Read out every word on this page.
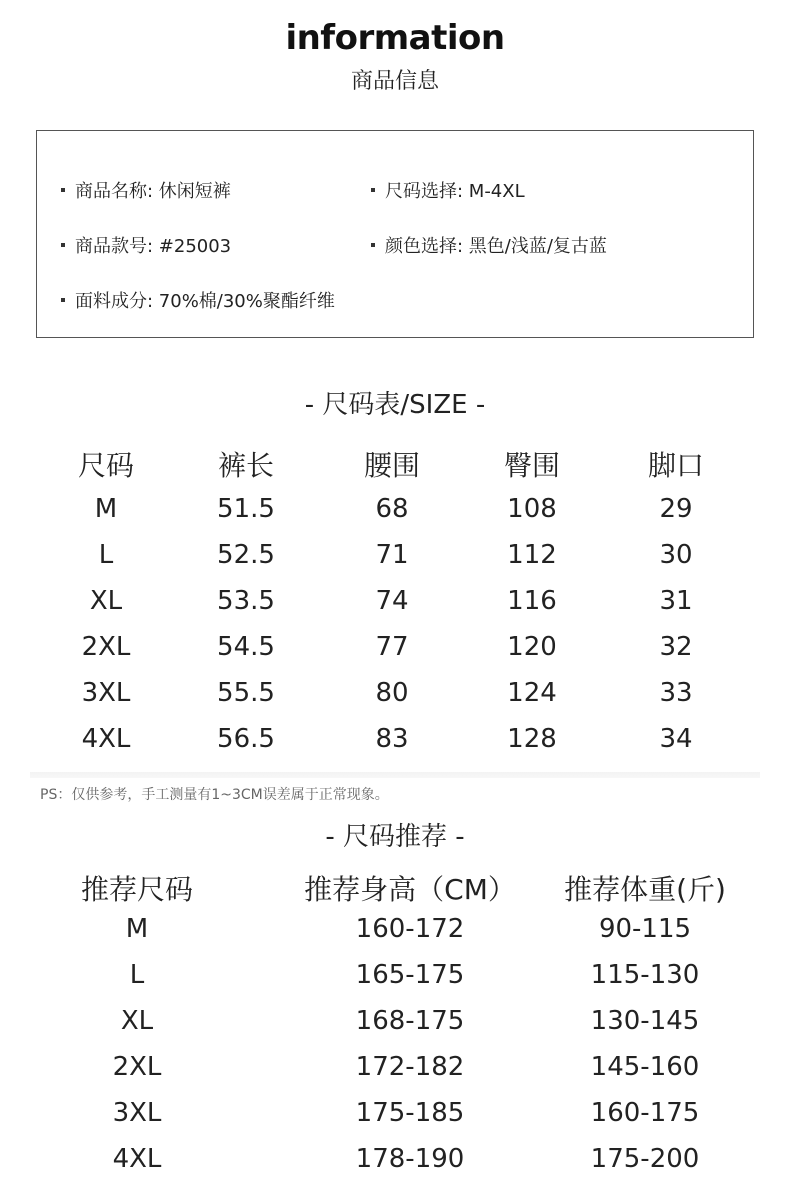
information
商品信息
商品名称: 休闲短裤	尺码选择: M-4XL
商品款号: #25003	颜色选择: 黑色/浅蓝/复古蓝
面料成分: 70%棉/30%聚酯纤维
- 尺码表/SIZE -
尺码	裤长	腰围	臀围	脚口
M	51.5	68	108	29
L	52.5	71	112	30
XL	53.5	74	116	31
2XL	54.5	77	120	32
3XL	55.5	80	124	33
4XL	56.5	83	128	34
PS：仅供参考，手工测量有1~3CM误差属于正常现象。
- 尺码推荐 -
推荐尺码	推荐身高（CM） 推荐体重(斤)
M	160-172	90-115
L	165-175	115-130
XL	168-175	130-145
2XL	172-182	145-160
3XL	175-185	160-175
4XL	178-190	175-200
